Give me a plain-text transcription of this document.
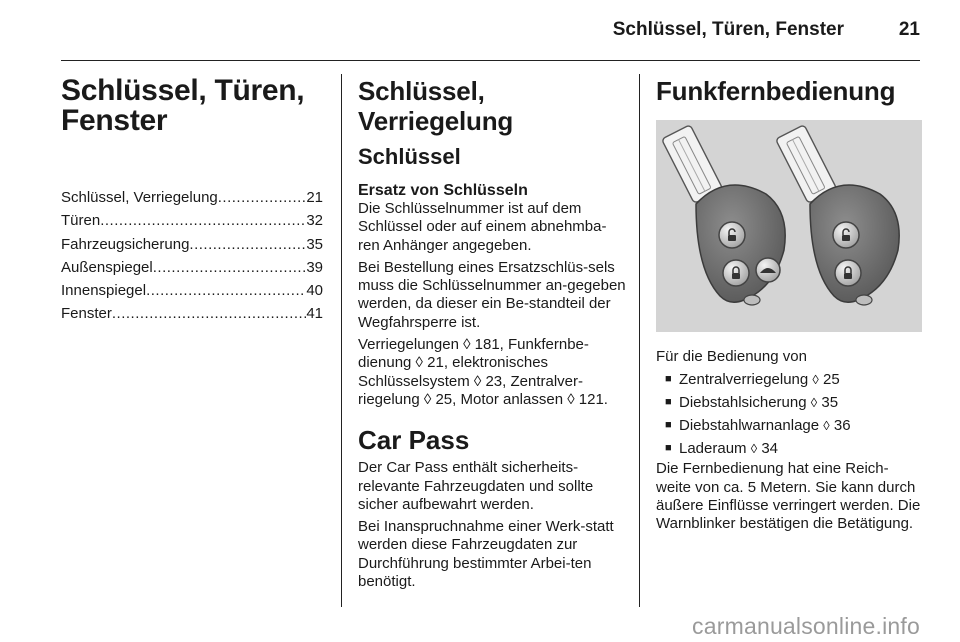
Schlüssel, Türen, Fenster	21
Schlüssel, Türen,
Fenster
Schlüssel, Verriegelung .....	21
Türen .....	32
Fahrzeugsicherung .....	35
Außenspiegel .....	39
Innenspiegel .....	40
Fenster .....	41
Schlüssel, Verriegelung
Schlüssel
Ersatz von Schlüsseln

Die Schlüsselnummer ist auf dem Schlüssel oder auf einem abnehmba-ren Anhänger angegeben.

Bei Bestellung eines Ersatzschlüs-sels muss die Schlüsselnummer an-gegeben werden, da dieser ein Be-standteil der Wegfahrsperre ist.

Verriegelungen ◊ 181, Funkfernbe-dienung ◊ 21, elektronisches Schlüsselsystem ◊ 23, Zentralver-riegelung ◊ 25, Motor anlassen ◊ 121.

Car Pass

Der Car Pass enthält sicherheits-relevante Fahrzeugdaten und sollte sicher aufbewahrt werden.

Bei Inanspruchnahme einer Werk-statt werden diese Fahrzeugdaten zur Durchführung bestimmter Arbei-ten benötigt.

Funkfernbedienung

Für die Bedienung von

■ Zentralverriegelung ◊ 25
■ Diebstahlsicherung ◊ 35
■ Diebstahlwarnanlage ◊ 36
■ Laderaum ◊ 34

Die Fernbedienung hat eine Reich-weite von ca. 5 Metern. Sie kann durch äußere Einflüsse verringert werden. Die Warnblinker bestätigen die Betätigung.

carmanualsonline.info
